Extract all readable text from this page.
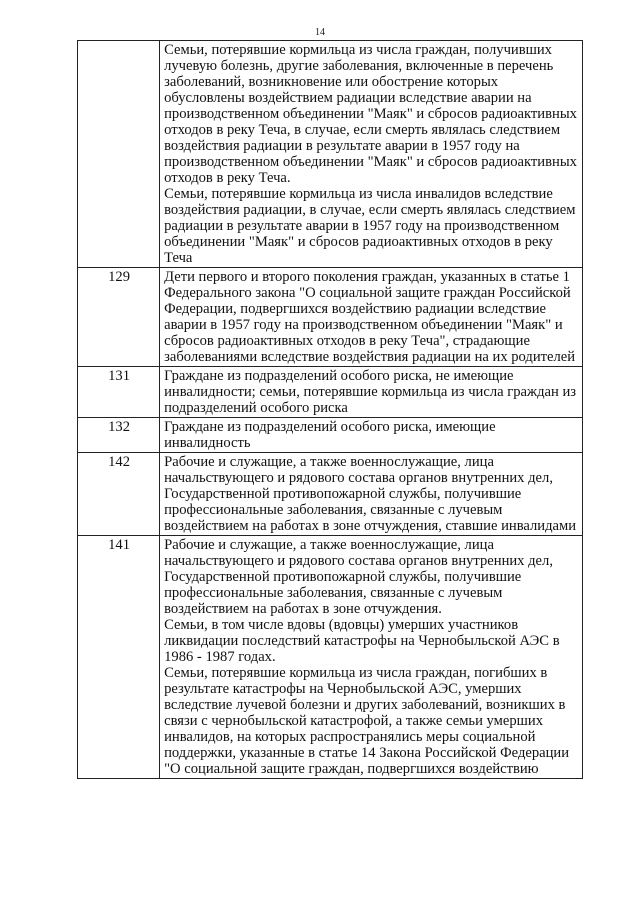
14

	Семьи, потерявшие кормильца из числа граждан, получивших лучевую болезнь, другие заболевания, включенные в перечень заболеваний, возникновение или обострение которых обусловлены воздействием радиации вследствие аварии на производственном объединении "Маяк" и сбросов радиоактивных отходов в реку Теча, в случае, если смерть являлась следствием воздействия радиации в результате аварии в 1957 году на производственном объединении "Маяк" и сбросов радиоактивных отходов в реку Теча.

Семьи, потерявшие кормильца из числа инвалидов вследствие воздействия радиации, в случае, если смерть являлась следствием радиации в результате аварии в 1957 году на производственном объединении "Маяк" и сбросов радиоактивных отходов в реку Теча

129	Дети первого и второго поколения граждан, указанных в статье 1 Федерального закона "О социальной защите граждан Российской Федерации, подвергшихся воздействию радиации вследствие аварии в 1957 году на производственном объединении "Маяк" и сбросов радиоактивных отходов в реку Теча", страдающие заболеваниями вследствие воздействия радиации на их родителей

131	Граждане из подразделений особого риска, не имеющие инвалидности; семьи, потерявшие кормильца из числа граждан из подразделений особого риска

132	Граждане из подразделений особого риска, имеющие инвалидность

142	Рабочие и служащие, а также военнослужащие, лица начальствующего и рядового состава органов внутренних дел, Государственной противопожарной службы, получившие профессиональные заболевания, связанные с лучевым воздействием на работах в зоне отчуждения, ставшие инвалидами

141	Рабочие и служащие, а также военнослужащие, лица начальствующего и рядового состава органов внутренних дел, Государственной противопожарной службы, получившие профессиональные заболевания, связанные с лучевым воздействием на работах в зоне отчуждения.

Семьи, в том числе вдовы (вдовцы) умерших участников ликвидации последствий катастрофы на Чернобыльской АЭС в 1986 - 1987 годах.

Семьи, потерявшие кормильца из числа граждан, погибших в результате катастрофы на Чернобыльской АЭС, умерших вследствие лучевой болезни и других заболеваний, возникших в связи с чернобыльской катастрофой, а также семьи умерших инвалидов, на которых распространялись меры социальной поддержки, указанные в статье 14 Закона Российской Федерации "О социальной защите граждан, подвергшихся воздействию
